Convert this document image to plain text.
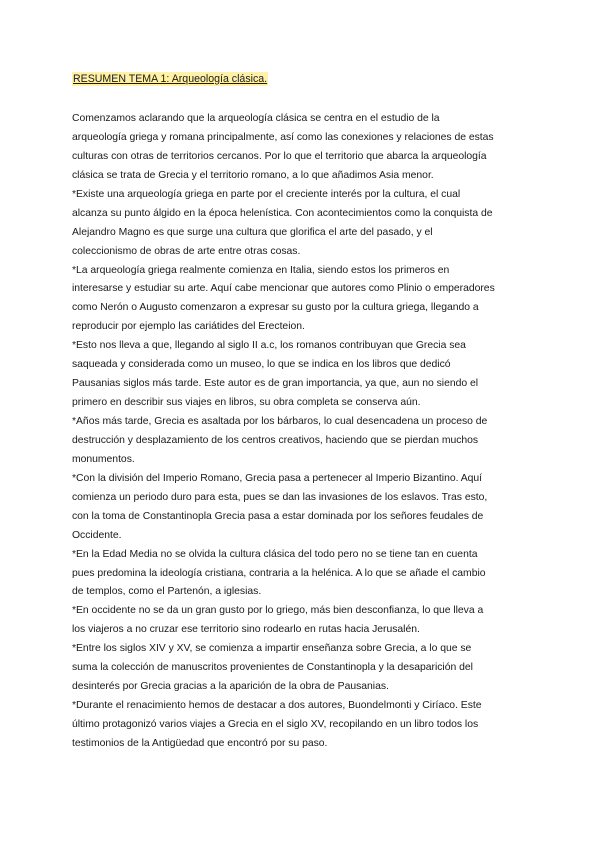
RESUMEN TEMA 1: Arqueología clásica.
Comenzamos aclarando que la arqueología clásica se centra en el estudio de la
arqueología griega y romana principalmente, así como las conexiones y relaciones de estas
culturas con otras de territorios cercanos. Por lo que el territorio que abarca la arqueología
clásica se trata de Grecia y el territorio romano, a lo que añadimos Asia menor.
*Existe una arqueología griega en parte por el creciente interés por la cultura, el cual
alcanza su punto álgido en la época helenística. Con acontecimientos como la conquista de
Alejandro Magno es que surge una cultura que glorifica el arte del pasado, y el
coleccionismo de obras de arte entre otras cosas.
*La arqueología griega realmente comienza en Italia, siendo estos los primeros en
interesarse y estudiar su arte. Aquí cabe mencionar que autores como Plinio o emperadores
como Nerón o Augusto comenzaron a expresar su gusto por la cultura griega, llegando a
reproducir por ejemplo las cariátides del Erecteion.
*Esto nos lleva a que, llegando al siglo II a.c, los romanos contribuyan que Grecia sea
saqueada y considerada como un museo, lo que se indica en los libros que dedicó
Pausanias siglos más tarde. Este autor es de gran importancia, ya que, aun no siendo el
primero en describir sus viajes en libros, su obra completa se conserva aún.
*Años más tarde, Grecia es asaltada por los bárbaros, lo cual desencadena un proceso de
destrucción y desplazamiento de los centros creativos, haciendo que se pierdan muchos
monumentos.
*Con la división del Imperio Romano, Grecia pasa a pertenecer al Imperio Bizantino. Aquí
comienza un periodo duro para esta, pues se dan las invasiones de los eslavos. Tras esto,
con la toma de Constantinopla Grecia pasa a estar dominada por los señores feudales de
Occidente.
*En la Edad Media no se olvida la cultura clásica del todo pero no se tiene tan en cuenta
pues predomina la ideología cristiana, contraria a la helénica. A lo que se añade el cambio
de templos, como el Partenón, a iglesias.
*En occidente no se da un gran gusto por lo griego, más bien desconfianza, lo que lleva a
los viajeros a no cruzar ese territorio sino rodearlo en rutas hacia Jerusalén.
*Entre los siglos XIV y XV, se comienza a impartir enseñanza sobre Grecia, a lo que se
suma la colección de manuscritos provenientes de Constantinopla y la desaparición del
desinterés por Grecia gracias a la aparición de la obra de Pausanias.
*Durante el renacimiento hemos de destacar a dos autores, Buondelmonti y Ciríaco. Este
último protagonizó varios viajes a Grecia en el siglo XV, recopilando en un libro todos los
testimonios de la Antigüedad que encontró por su paso.
